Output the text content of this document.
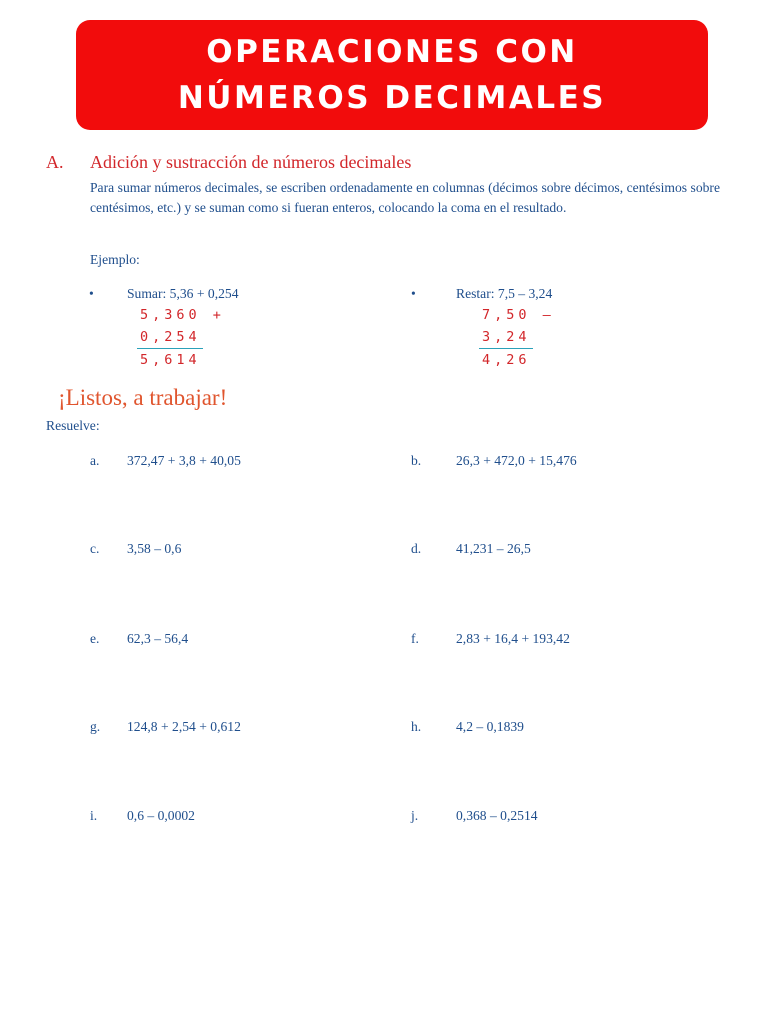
OPERACIONES CON
NÚMEROS DECIMALES
A. Adición y sustracción de números decimales
Para sumar números decimales, se escriben ordenadamente en columnas (décimos sobre décimos, centésimos sobre centésimos, etc.) y se suman como si fueran enteros, colocando la coma en el resultado.
Ejemplo:
• Sumar: 5,36 + 0,254
5,360 +
0,254
5,614
•	Restar: 7,5 – 3,24
7,50 –
3,24
4,26
¡Listos, a trabajar!
Resuelve:
a. 372,47 + 3,8 + 40,05	b.	26,3 + 472,0 + 15,476
c. 3,58 – 0,6	d.	41,231 – 26,5
e. 62,3 – 56,4	f.	2,83 + 16,4 + 193,42
g. 124,8 + 2,54 + 0,612	h.	4,2 – 0,1839
i. 0,6 – 0,0002	j.	0,368 – 0,2514
